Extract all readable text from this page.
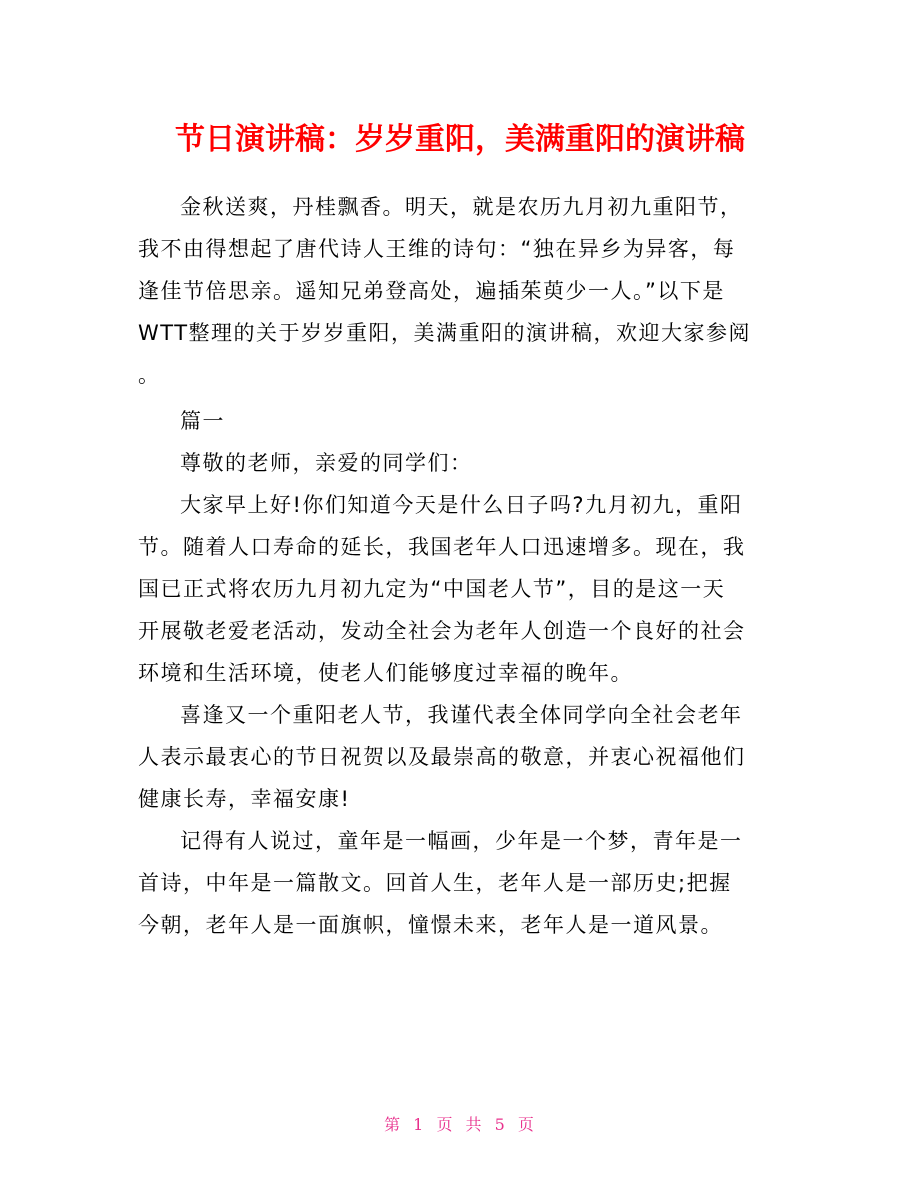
节日演讲稿：岁岁重阳，美满重阳的演讲稿
金秋送爽，丹桂飘香。明天，就是农历九月初九重阳节，
我不由得想起了唐代诗人王维的诗句：“独在异乡为异客，每
逢佳节倍思亲。遥知兄弟登高处，遍插茱萸少一人。”以下是
WTT整理的关于岁岁重阳，美满重阳的演讲稿，欢迎大家参阅
。
篇一
尊敬的老师，亲爱的同学们：
大家早上好!你们知道今天是什么日子吗?九月初九，重阳
节。随着人口寿命的延长，我国老年人口迅速增多。现在，我
国已正式将农历九月初九定为“中国老人节”，目的是这一天
开展敬老爱老活动，发动全社会为老年人创造一个良好的社会
环境和生活环境，使老人们能够度过幸福的晚年。
喜逢又一个重阳老人节，我谨代表全体同学向全社会老年
人表示最衷心的节日祝贺以及最崇高的敬意，并衷心祝福他们
健康长寿，幸福安康!
记得有人说过，童年是一幅画，少年是一个梦，青年是一
首诗，中年是一篇散文。回首人生，老年人是一部历史;把握
今朝，老年人是一面旗帜，憧憬未来，老年人是一道风景。
第 1 页 共 5 页
